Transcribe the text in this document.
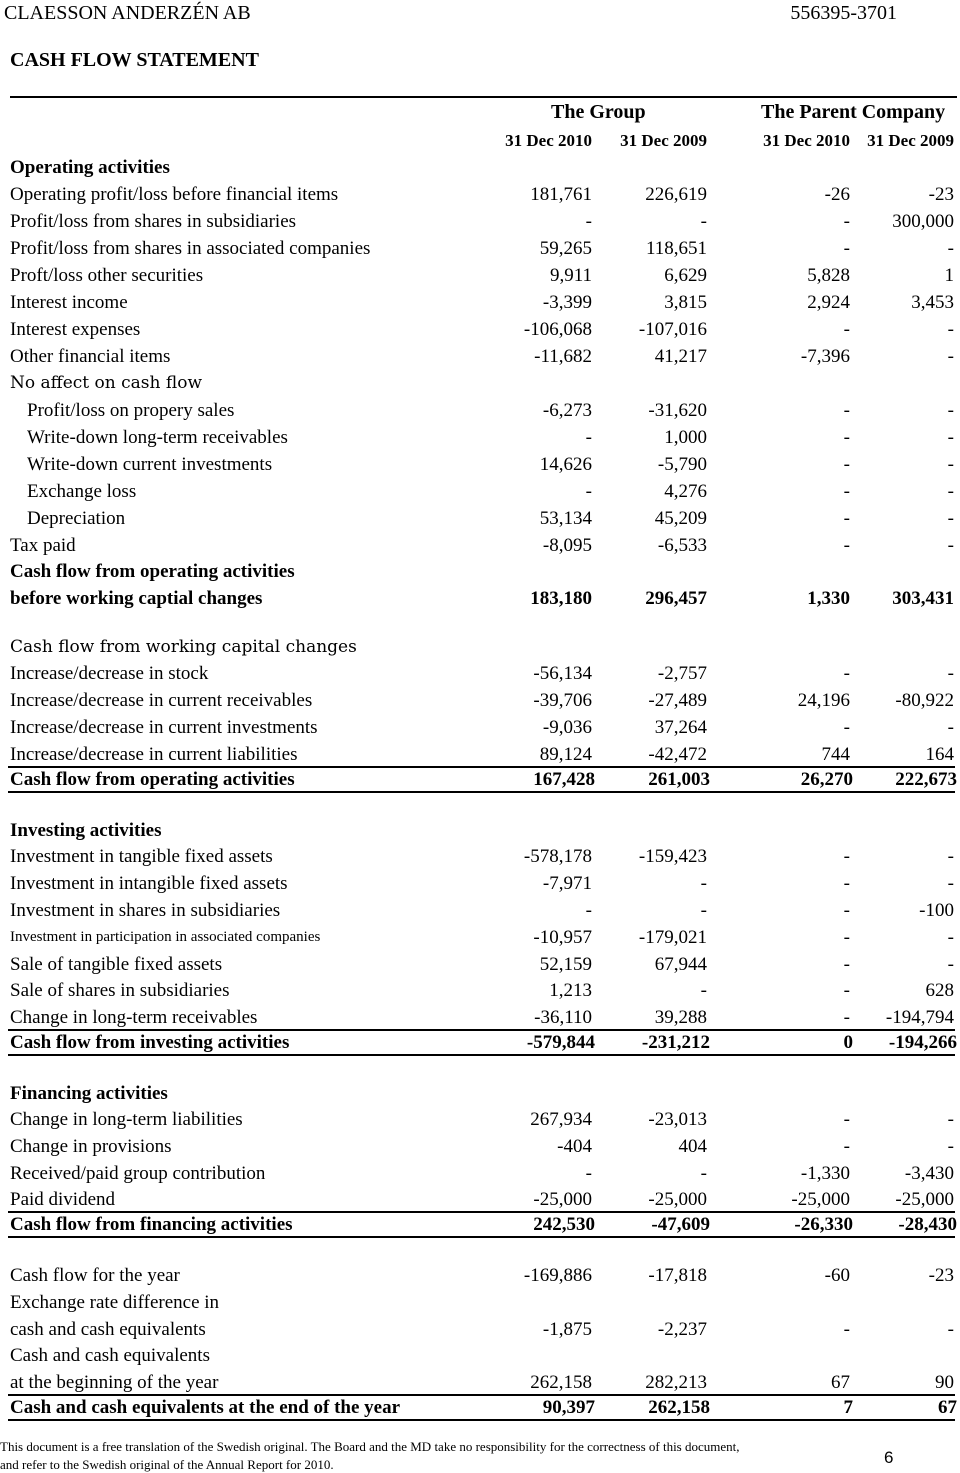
CLAESSON ANDERZÉN AB	556395-3701
CASH FLOW STATEMENT
The Group	The Parent Company
31 Dec 2010 31 Dec 2009	31 Dec 2010 31 Dec 2009
Operating activities
Operating profit/loss before financial items	181,761	226,619	-26	-23
Profit/loss from shares in subsidiaries	-	-	- 300,000
Profit/loss from shares in associated companies	59,265	118,651	-	-
Proft/loss other securities	9,911	6,629	5,828	1
Interest income	-3,399	3,815	2,924	3,453
Interest expenses	-106,068 -107,016	-	-
Other financial items	-11,682	41,217	-7,396	-
No affect on cash flow
Profit/loss on propery sales	-6,273	-31,620	-	-
Write-down long-term receivables	-	1,000	-	-
Write-down current investments	14,626	-5,790	-	-
Exchange loss	-	4,276	-	-
Depreciation	53,134	45,209	-	-
Tax paid	-8,095	-6,533	-	-
Cash flow from operating activities
before working captial changes	183,180	296,457	1,330 303,431
Cash flow from working capital changes
Increase/decrease in stock	-56,134	-2,757	-	-
Increase/decrease in current receivables	-39,706	-27,489	24,196 -80,922
Increase/decrease in current investments	-9,036	37,264	-	-
Increase/decrease in current liabilities	89,124	-42,472	744	164
Cash flow from operating activities	167,428	261,003	26,270 222,673
Investing activities
Investment in tangible fixed assets	-578,178 -159,423	-	-
Investment in intangible fixed assets	-7,971	-	-	-
Investment in shares in subsidiaries	-	-	-	-100
Investment in participation in associated companies	-10,957 -179,021	-	-
Sale of tangible fixed assets	52,159	67,944	-	-
Sale of shares in subsidiaries	1,213	-	-	628
Change in long-term receivables	-36,110	39,288	- -194,794
Cash flow from investing activities	-579,844 -231,212	0 -194,266
Financing activities
Change in long-term liabilities	267,934	-23,013	-	-
Change in provisions	-404	404	-	-
Received/paid group contribution	-	-	-1,330	-3,430
Paid dividend	-25,000	-25,000	-25,000 -25,000
Cash flow from financing activities	242,530	-47,609	-26,330 -28,430
Cash flow for the year	-169,886	-17,818	-60	-23
Exchange rate difference in
cash and cash equivalents	-1,875	-2,237	-	-
Cash and cash equivalents
at the beginning of the year	262,158	282,213	67	90
Cash and cash equivalents at the end of the year	90,397	262,158	7	67
This document is a free translation of the Swedish original. The Board and the MD take no responsibility for the correctness of this document,
and refer to the Swedish original of the Annual Report for 2010.	6
